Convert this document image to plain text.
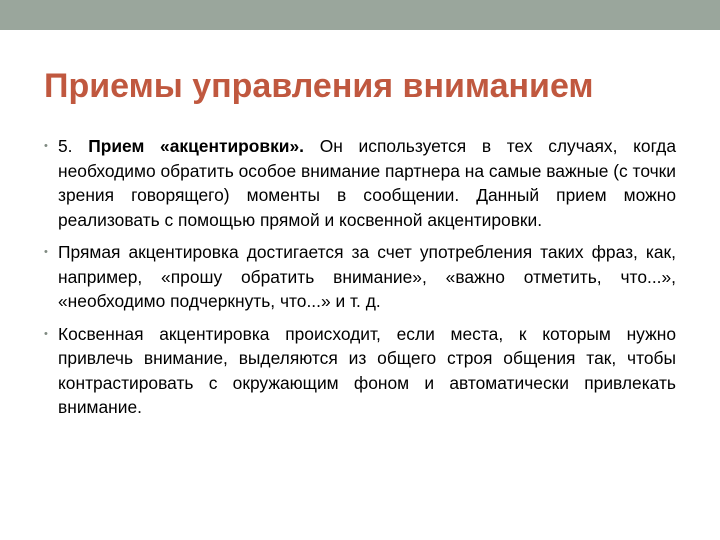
Приемы управления вниманием
• 5. Прием «акцентировки». Он используется в тех случаях, когда необходимо обратить особое внимание партнера на самые важные (с точки зрения говорящего) моменты в сообщении. Данный прием можно реализовать с помощью прямой и косвенной акцентировки.
• Прямая акцентировка достигается за счет употребления таких фраз, как, например, «прошу обратить внимание», «важно отметить, что...», «необходимо подчеркнуть, что...» и т. д.
• Косвенная акцентировка происходит, если места, к которым нужно привлечь внимание, выделяются из общего строя общения так, чтобы контрастировать с окружающим фоном и автоматически привлекать внимание.
